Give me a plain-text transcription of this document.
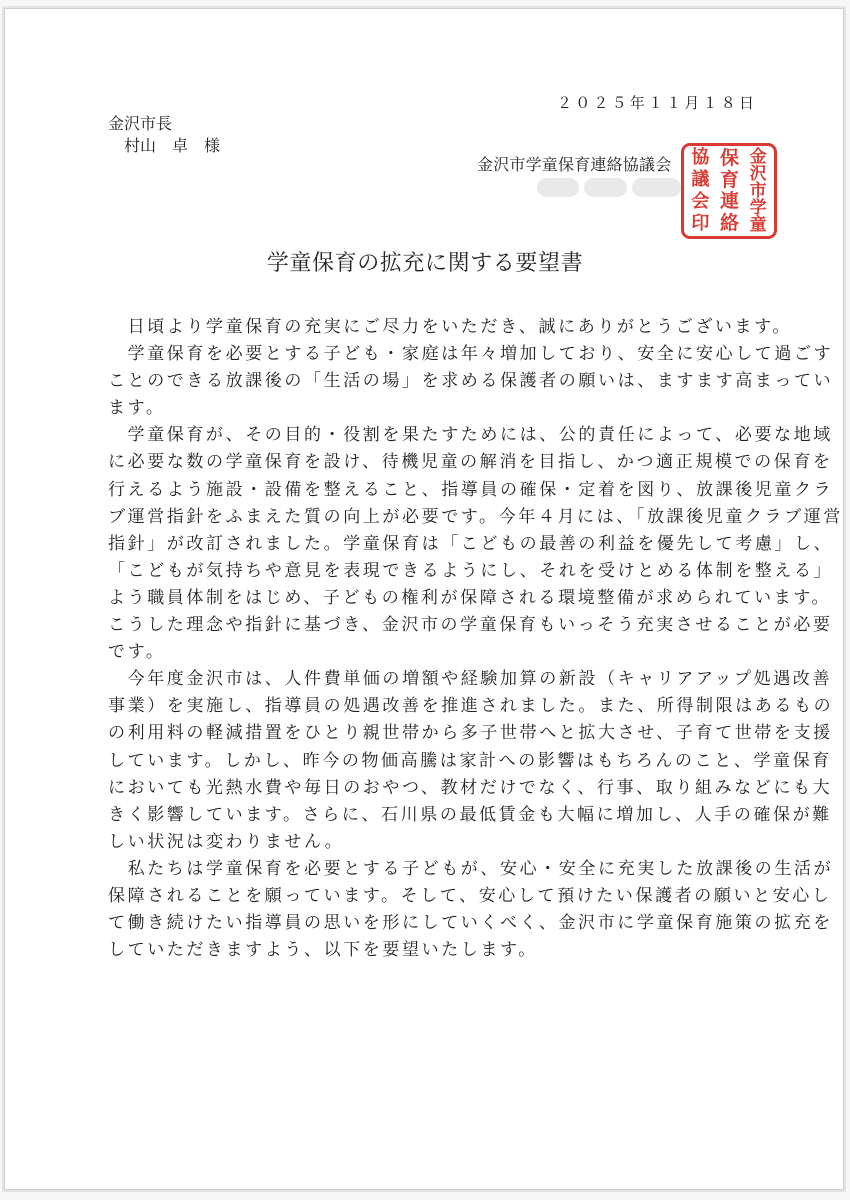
２０２５年１１月１８日
金沢市長
村山　卓　様
金沢市学童保育連絡協議会	金
沢
市
学
童
保
育
連
絡
協
議
会
印
学童保育の拡充に関する要望書
　日頃より学童保育の充実にご尽力をいただき、誠にありがとうございます。
　学童保育を必要とする子ども・家庭は年々増加しており、安全に安心して過ごす
ことのできる放課後の「生活の場」を求める保護者の願いは、ますます高まってい
ます。
　学童保育が、その目的・役割を果たすためには、公的責任によって、必要な地域
に必要な数の学童保育を設け、待機児童の解消を目指し、かつ適正規模での保育を
行えるよう施設・設備を整えること、指導員の確保・定着を図り、放課後児童クラ
ブ運営指針をふまえた質の向上が必要です。今年４月には、「放課後児童クラブ運営
指針」が改訂されました。学童保育は「こどもの最善の利益を優先して考慮」し、
「こどもが気持ちや意見を表現できるようにし、それを受けとめる体制を整える」
よう職員体制をはじめ、子どもの権利が保障される環境整備が求められています。
こうした理念や指針に基づき、金沢市の学童保育もいっそう充実させることが必要
です。
　今年度金沢市は、人件費単価の増額や経験加算の新設（キャリアアップ処遇改善
事業）を実施し、指導員の処遇改善を推進されました。また、所得制限はあるもの
の利用料の軽減措置をひとり親世帯から多子世帯へと拡大させ、子育て世帯を支援
しています。しかし、昨今の物価高騰は家計への影響はもちろんのこと、学童保育
においても光熱水費や毎日のおやつ、教材だけでなく、行事、取り組みなどにも大
きく影響しています。さらに、石川県の最低賃金も大幅に増加し、人手の確保が難
しい状況は変わりません。
　私たちは学童保育を必要とする子どもが、安心・安全に充実した放課後の生活が
保障されることを願っています。そして、安心して預けたい保護者の願いと安心し
て働き続けたい指導員の思いを形にしていくべく、金沢市に学童保育施策の拡充を
していただきますよう、以下を要望いたします。
